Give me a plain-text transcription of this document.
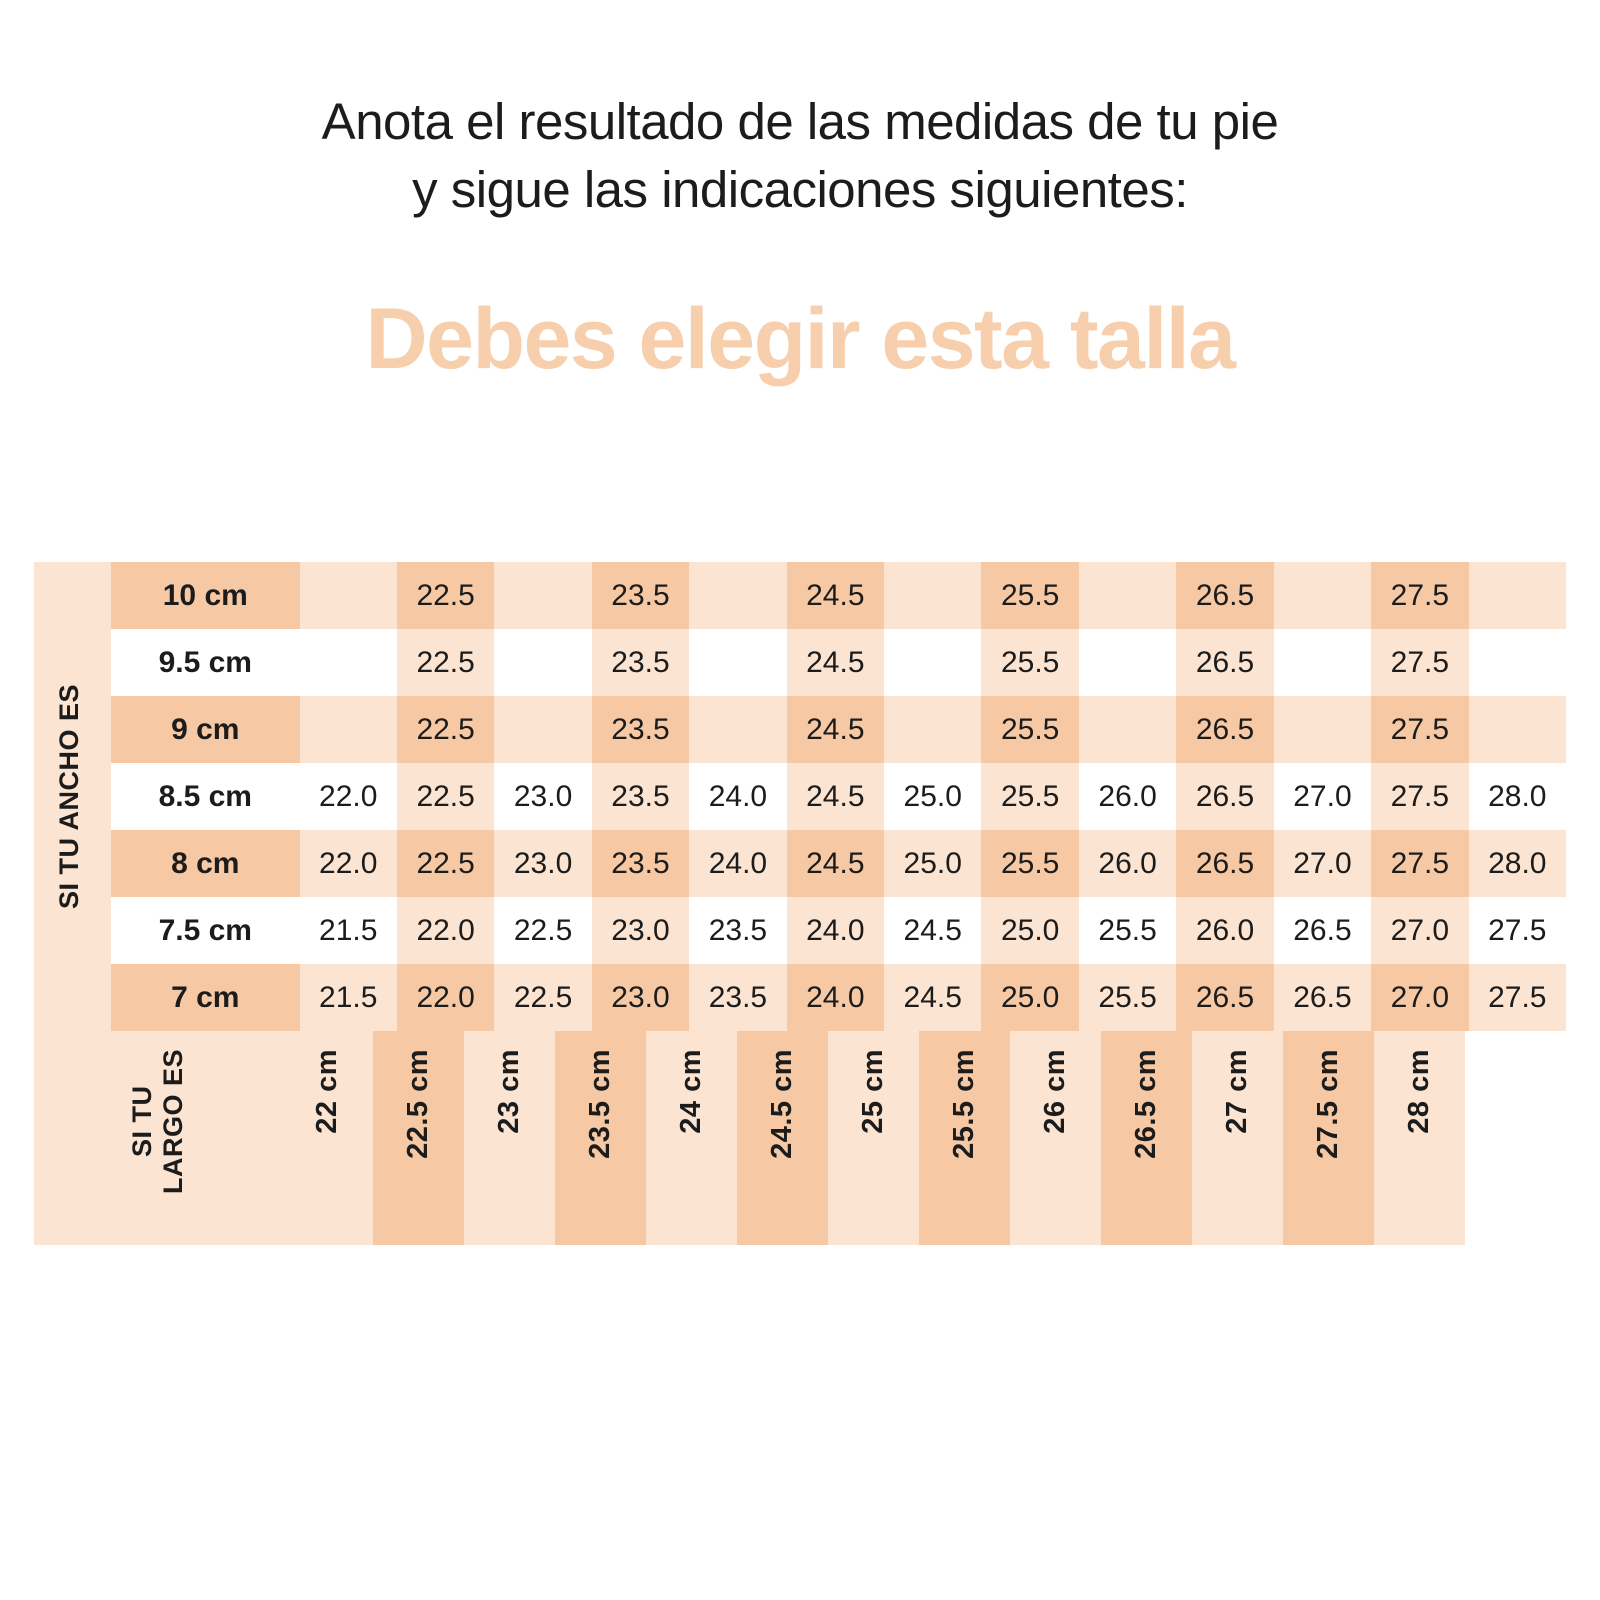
Anota el resultado de las medidas de tu pie
y sigue las indicaciones siguientes:
Debes elegir esta talla
	10 cm		22.5		23.5		24.5		25.5		26.5		27.5	
	9.5 cm		22.5		23.5		24.5		25.5		26.5		27.5	
	9 cm		22.5		23.5		24.5		25.5		26.5		27.5	
	8.5 cm	22.0	22.5	23.0	23.5	24.0	24.5	25.0	25.5	26.0	26.5	27.0	27.5	28.0
	8 cm	22.0	22.5	23.0	23.5	24.0	24.5	25.0	25.5	26.0	26.5	27.0	27.5	28.0
	7.5 cm	21.5	22.0	22.5	23.0	23.5	24.0	24.5	25.0	25.5	26.0	26.5	27.0	27.5
	7 cm	21.5	22.0	22.5	23.0	23.5	24.0	24.5	25.0	25.5	26.5	26.5	27.0	27.5
SI TU ANCHO ES
SI TU
LARGO ES	22 cm 22.5 cm 23 cm 23.5 cm 24 cm 24.5 cm 25 cm 25.5 cm 26 cm 26.5 cm 27 cm 27.5 cm 28 cm
